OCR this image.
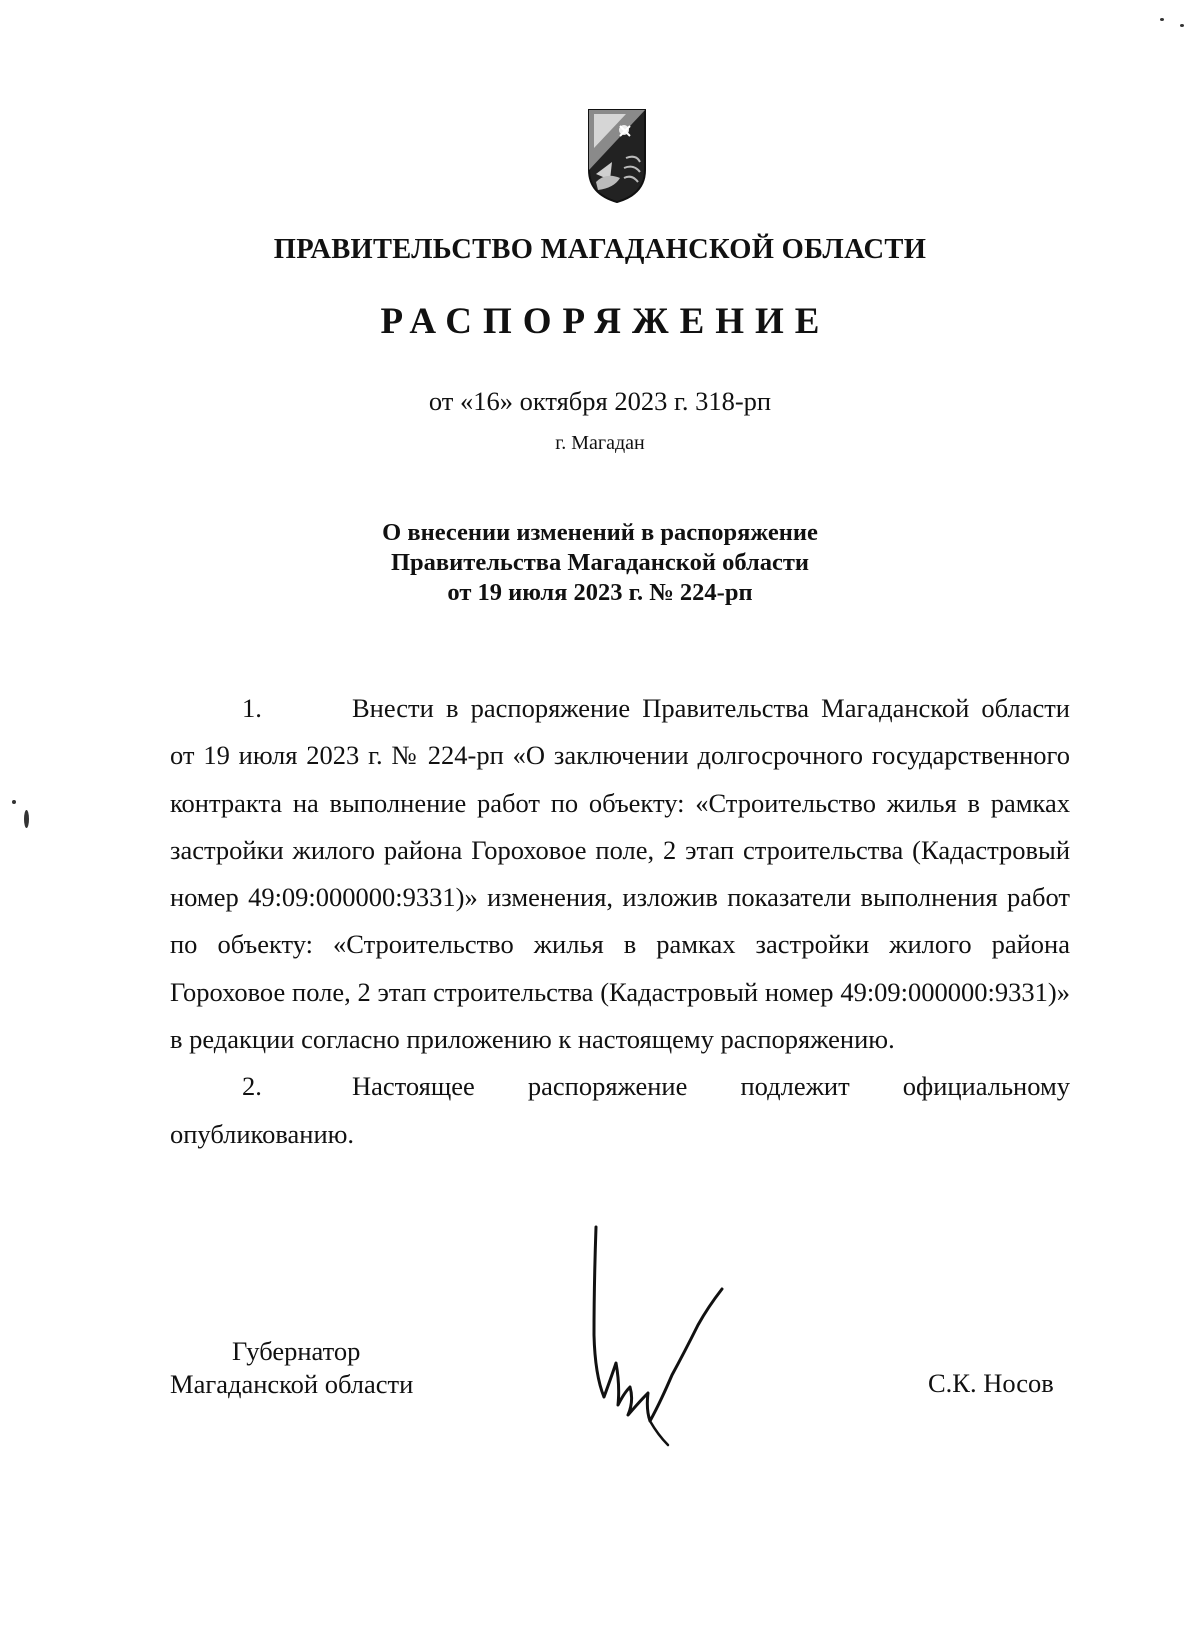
ПРАВИТЕЛЬСТВО МАГАДАНСКОЙ ОБЛАСТИ
РАСПОРЯЖЕНИЕ
от «16» октября 2023 г. 318-рп
г. Магадан
О внесении изменений в распоряжение
Правительства Магаданской области
от 19 июля 2023 г. № 224-рп

1.	Внести в распоряжение Правительства Магаданской области от 19 июля 2023 г. № 224-рп «О заключении долгосрочного государственного контракта на выполнение работ по объекту: «Строительство жилья в рамках застройки жилого района Гороховое поле, 2 этап строительства (Кадастровый номер 49:09:000000:9331)» изменения, изложив показатели выполнения работ по объекту: «Строительство жилья в рамках застройки жилого района Гороховое поле, 2 этап строительства (Кадастровый номер 49:09:000000:9331)» в редакции согласно приложению к настоящему распоряжению.

2.	Настоящее распоряжение подлежит официальному опубликованию.

Губернатор
Магаданской области	С.К. Носов
